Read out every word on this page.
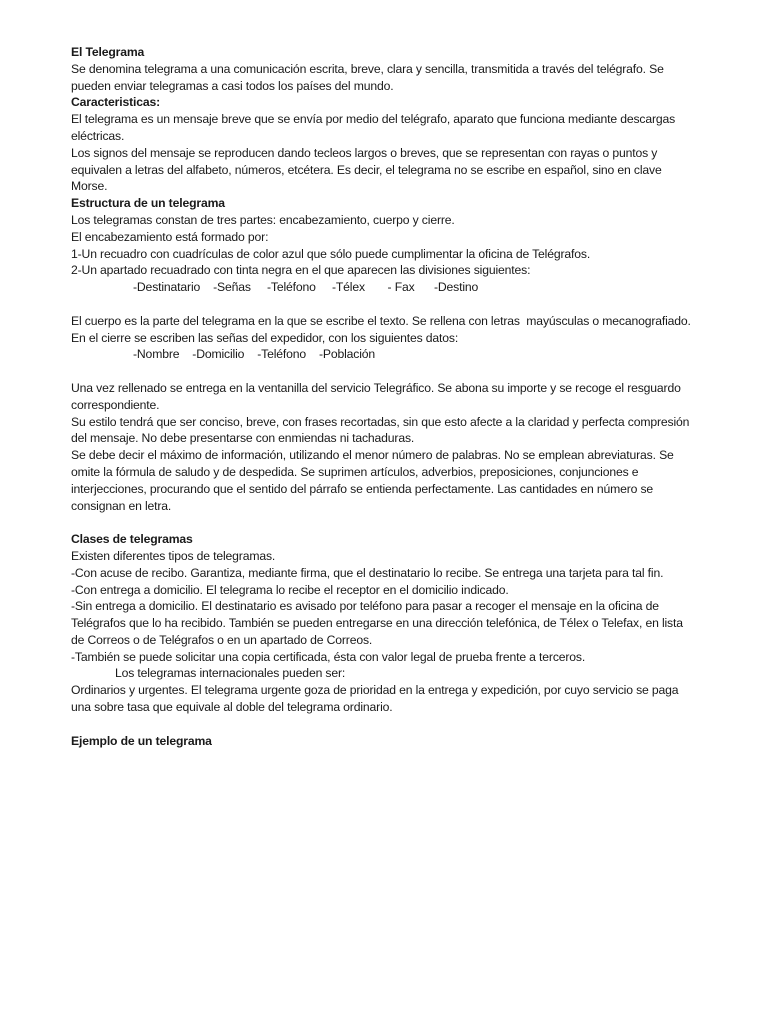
El Telegrama
Se denomina telegrama a una comunicación escrita, breve, clara y sencilla, transmitida a través del telégrafo. Se
pueden enviar telegramas a casi todos los países del mundo.
Caracteristicas:
El telegrama es un mensaje breve que se envía por medio del telégrafo, aparato que funciona mediante descargas
eléctricas.
Los signos del mensaje se reproducen dando tecleos largos o breves, que se representan con rayas o puntos y
equivalen a letras del alfabeto, números, etcétera. Es decir, el telegrama no se escribe en español, sino en clave
Morse.
Estructura de un telegrama
Los telegramas constan de tres partes: encabezamiento, cuerpo y cierre.
El encabezamiento está formado por:
1-Un recuadro con cuadrículas de color azul que sólo puede cumplimentar la oficina de Telégrafos.
2-Un apartado recuadrado con tinta negra en el que aparecen las divisiones siguientes:
-Destinatario    -Señas     -Teléfono     -Télex       - Fax      -Destino
El cuerpo es la parte del telegrama en la que se escribe el texto. Se rellena con letras  mayúsculas o mecanografiado.
En el cierre se escriben las señas del expedidor, con los siguientes datos:
-Nombre    -Domicilio    -Teléfono    -Población
Una vez rellenado se entrega en la ventanilla del servicio Telegráfico. Se abona su importe y se recoge el resguardo
correspondiente.
Su estilo tendrá que ser conciso, breve, con frases recortadas, sin que esto afecte a la claridad y perfecta compresión
del mensaje. No debe presentarse con enmiendas ni tachaduras.
Se debe decir el máximo de información, utilizando el menor número de palabras. No se emplean abreviaturas. Se
omite la fórmula de saludo y de despedida. Se suprimen artículos, adverbios, preposiciones, conjunciones e
interjecciones, procurando que el sentido del párrafo se entienda perfectamente. Las cantidades en número se
consignan en letra.
Clases de telegramas
Existen diferentes tipos de telegramas.
-Con acuse de recibo. Garantiza, mediante firma, que el destinatario lo recibe. Se entrega una tarjeta para tal fin.
-Con entrega a domicilio. El telegrama lo recibe el receptor en el domicilio indicado.
-Sin entrega a domicilio. El destinatario es avisado por teléfono para pasar a recoger el mensaje en la oficina de
Telégrafos que lo ha recibido. También se pueden entregarse en una dirección telefónica, de Télex o Telefax, en lista
de Correos o de Telégrafos o en un apartado de Correos.
-También se puede solicitar una copia certificada, ésta con valor legal de prueba frente a terceros.
Los telegramas internacionales pueden ser:
Ordinarios y urgentes. El telegrama urgente goza de prioridad en la entrega y expedición, por cuyo servicio se paga
una sobre tasa que equivale al doble del telegrama ordinario.
Ejemplo de un telegrama
